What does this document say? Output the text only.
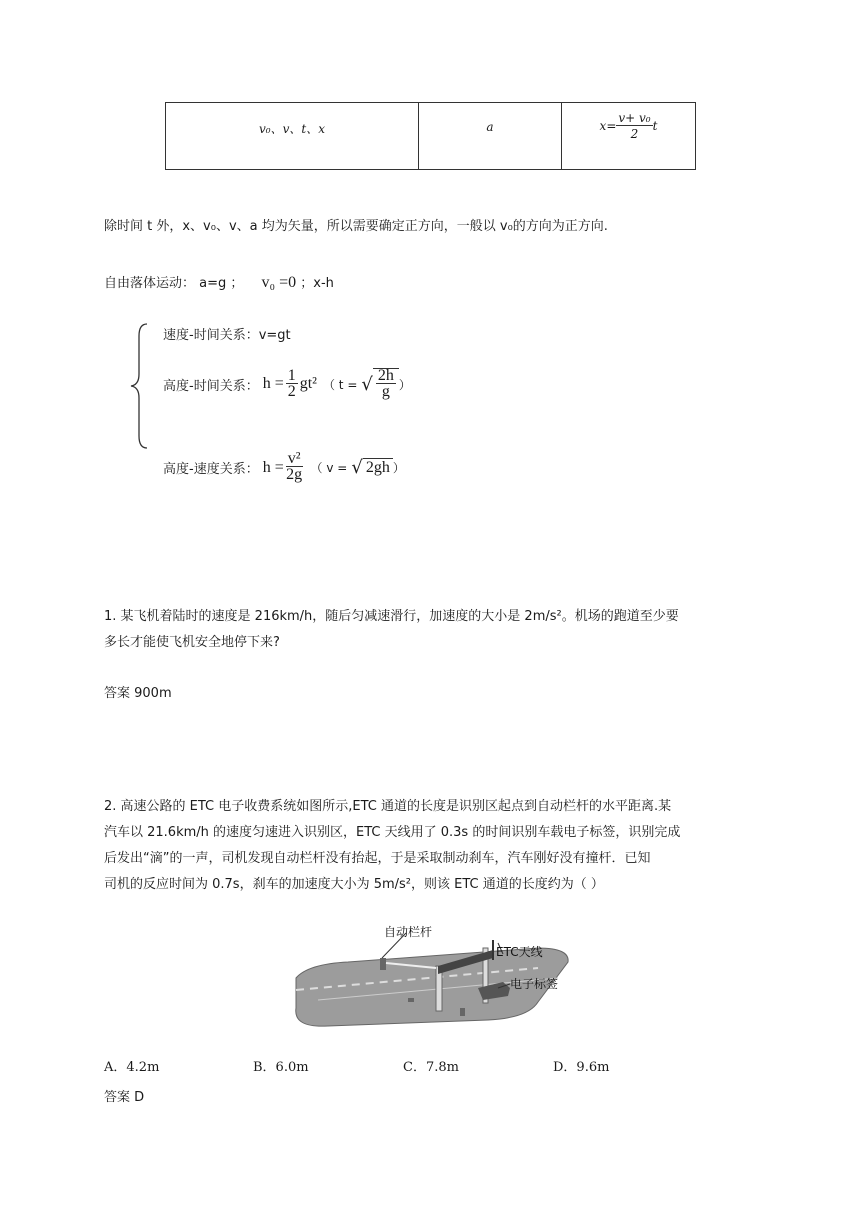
v₀、v、t、x	a	$x= \frac{\text{v+ v₀}}{2}$ t
除时间 t 外，x、v₀、v、a 均为矢量，所以需要确定正方向，一般以 v₀的方向为正方向.
自由落体运动： a=g ； v₀ =0 ；x-h
速度-时间关系：v=gt
高度-时间关系： $h = \frac{1}{2} gt^2$ （ t = √ $\frac{2h}{g}$ ）
高度-速度关系： $h = \frac{\text{v²}}{2g}$ （ v = √ 2gh ）
1. 某飞机着陆时的速度是 216km/h，随后匀减速滑行，加速度的大小是 2m/s²。机场的跑道至少要
多长才能使飞机安全地停下来?
答案 900m
2. 高速公路的 ETC 电子收费系统如图所示,ETC 通道的长度是识别区起点到自动栏杆的水平距离.某
汽车以 21.6km/h 的速度匀速进入识别区，ETC 天线用了 0.3s 的时间识别车载电子标签，识别完成
后发出“滴”的一声，司机发现自动栏杆没有抬起，于是采取制动刹车，汽车刚好没有撞杆．已知
司机的反应时间为 0.7s，刹车的加速度大小为 5m/s²，则该 ETC 通道的长度约为（ ）
自动栏杆
ETC天线
电子标签
A．4.2m	B．6.0m	C．7.8m	D．9.6m
答案 D
